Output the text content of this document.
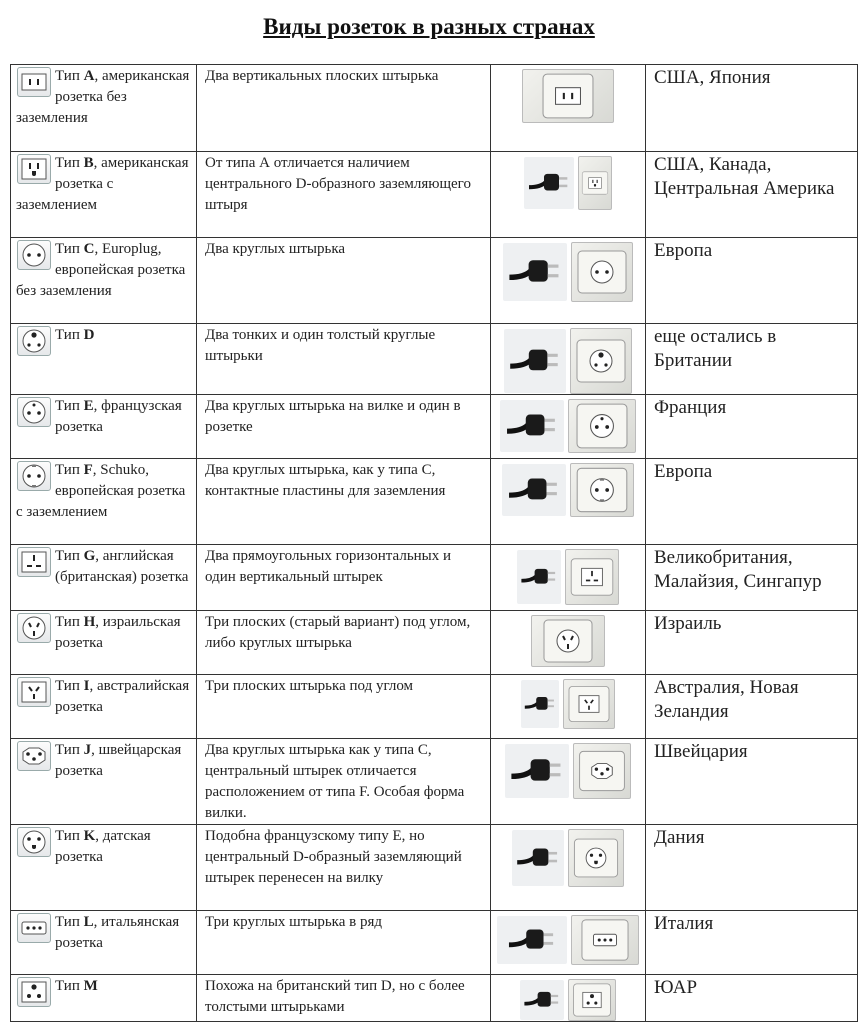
Виды розеток в разных странах
Тип A, американская розетка без заземления	Два вертикальных плоских штырька		США, Япония

Тип B, американская розетка с заземлением	От типа А отличается наличием центрального D-образного заземляющего штыря		США, Канада, Центральная Америка

Тип C, Europlug, европейская розетка без заземления	Два круглых штырька		Европа

Тип D	Два тонких и один толстый круглые штырьки		еще остались в Британии

Тип E, французская розетка	Два круглых штырька на вилке и один в розетке		Франция

Тип F, Schuko, европейская розетка с заземлением	Два круглых штырька, как у типа С, контактные пластины для заземления		Европа

Тип G, английская (британская) розетка	Два прямоугольных горизонтальных и один вертикальный штырек		Великобритания, Малайзия, Сингапур

Тип H, израильская розетка	Три плоских (старый вариант) под углом, либо круглых штырька		Израиль

Тип I, австралийская розетка	Три плоских штырька под углом		Австралия, Новая Зеландия

Тип J, швейцарская розетка	Два круглых штырька как у типа С, центральный штырек отличается расположением от типа F. Особая форма вилки.		Швейцария

Тип K, датская розетка	Подобна французскому типу Е, но центральный D-образный заземляющий штырек перенесен на вилку		Дания

Тип L, итальянская розетка	Три круглых штырька в ряд		Италия

Тип M	Похожа на британский тип D, но с более толстыми штырьками		ЮАР
